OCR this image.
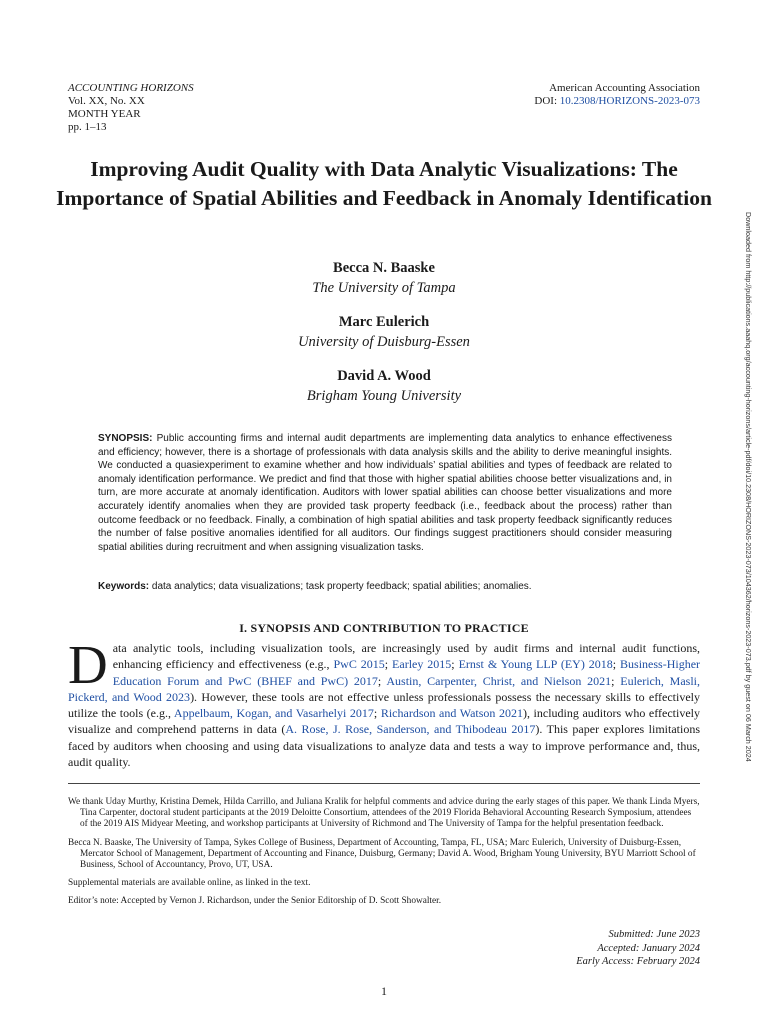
ACCOUNTING HORIZONS
Vol. XX, No. XX
MONTH YEAR
pp. 1–13
American Accounting Association
DOI: 10.2308/HORIZONS-2023-073
Improving Audit Quality with Data Analytic Visualizations: The Importance of Spatial Abilities and Feedback in Anomaly Identification
Becca N. Baaske
The University of Tampa
Marc Eulerich
University of Duisburg-Essen
David A. Wood
Brigham Young University	Downloaded from http://publications.aaahq.org/accounting-horizons/article-pdf/doi/10.2308/HORIZONS-2023-073/104362/horizons-2023-073.pdf by guest on 06 March 2024

SYNOPSIS: Public accounting firms and internal audit departments are implementing data analytics to enhance effectiveness and efficiency; however, there is a shortage of professionals with data analysis skills and the ability to derive meaningful insights. We conducted a quasiexperiment to examine whether and how individuals’ spatial abilities and types of feedback are related to anomaly identification performance. We predict and find that those with higher spatial abilities choose better visualizations and, in turn, are more accurate at anomaly identification. Auditors with lower spatial abilities can choose better visualizations and more accurately identify anomalies when they are provided task property feedback (i.e., feedback about the process) rather than outcome feedback or no feedback. Finally, a combination of high spatial abilities and task property feedback significantly reduces the number of false positive anomalies identified for all auditors. Our findings suggest practitioners should consider measuring spatial abilities during recruitment and when assigning visualization tasks.

Keywords: data analytics; data visualizations; task property feedback; spatial abilities; anomalies.

I. SYNOPSIS AND CONTRIBUTION TO PRACTICE

Data analytic tools, including visualization tools, are increasingly used by audit firms and internal audit functions, enhancing efficiency and effectiveness (e.g., PwC 2015; Earley 2015; Ernst & Young LLP (EY) 2018; Business-Higher Education Forum and PwC (BHEF and PwC) 2017; Austin, Carpenter, Christ, and Nielson 2021; Eulerich, Masli, Pickerd, and Wood 2023). However, these tools are not effective unless professionals possess the necessary skills to effectively utilize the tools (e.g., Appelbaum, Kogan, and Vasarhelyi 2017; Richardson and Watson 2021), including auditors who effectively visualize and comprehend patterns in data (A. Rose, J. Rose, Sanderson, and Thibodeau 2017). This paper explores limitations faced by auditors when choosing and using data visualizations to analyze data and tests a way to improve performance and, thus, audit quality.

We thank Uday Murthy, Kristina Demek, Hilda Carrillo, and Juliana Kralik for helpful comments and advice during the early stages of this paper. We thank Linda Myers, Tina Carpenter, doctoral student participants at the 2019 Deloitte Consortium, attendees of the 2019 Florida Behavioral Accounting Research Symposium, attendees of the 2019 AIS Midyear Meeting, and workshop participants at University of Richmond and The University of Tampa for the helpful presentation feedback.

Becca N. Baaske, The University of Tampa, Sykes College of Business, Department of Accounting, Tampa, FL, USA; Marc Eulerich, University of Duisburg-Essen, Mercator School of Management, Department of Accounting and Finance, Duisburg, Germany; David A. Wood, Brigham Young University, BYU Marriott School of Business, School of Accountancy, Provo, UT, USA.

Supplemental materials are available online, as linked in the text.

Editor’s note: Accepted by Vernon J. Richardson, under the Senior Editorship of D. Scott Showalter.

Submitted: June 2023
Accepted: January 2024
Early Access: February 2024
1
